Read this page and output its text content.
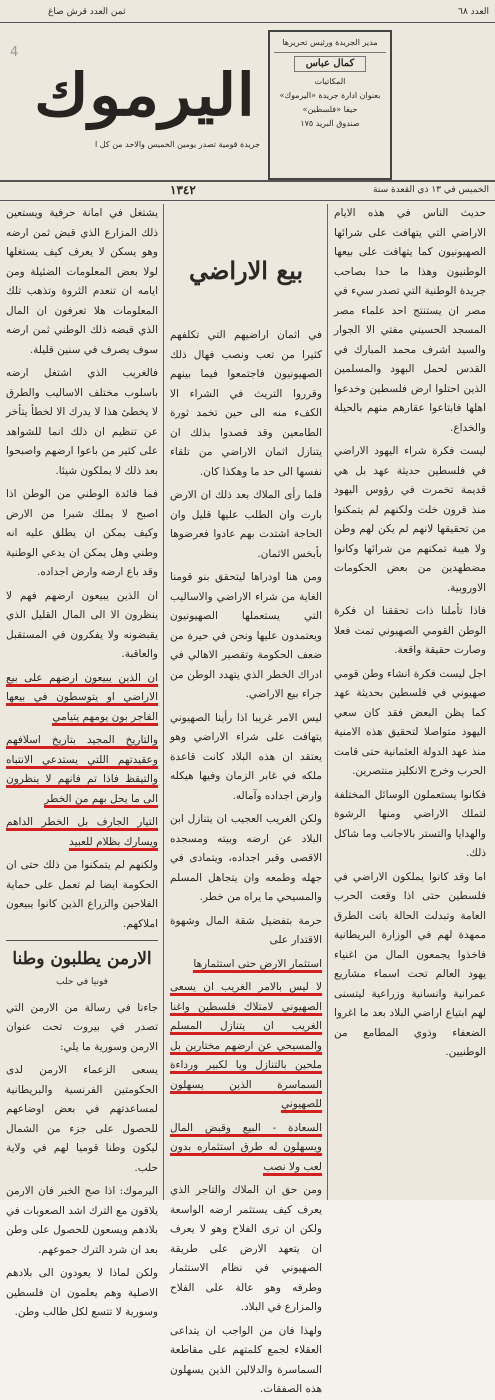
العدد ٦٨
ثمن العدد قرش صاغ
4
اليرموك
مدير الجريدة ورئيس تحريرها
كمال عباس
المكاتيات
بعنوان ادارة جريدة «اليرموك»
حيفا «فلسطين»
صندوق البريد ١٧٥
جريدة قومية تصدر يومين الخميس والاحد من كل ا
الخميس في ١٣ ذي القعدة سنة
١٣٤٢

حديث الناس في هذه الايام الاراضي التي يتهافت على شرائها الصهيونيون كما يتهافت على بيعها الوطنيون وهذا ما حدا بصاحب جريدة الوطنية التي تصدر سيء في مصر ان يستنتج احد علماء مصر المسجد الحسيني مفتي الا الجوار والسيد اشرف محمد المبارك في القدس لحمل البهود والمسلمين الذين احتلوا ارض فلسطين وخدعوا اهلها فابتاعوا عقارهم منهم بالحيلة والخداع.

ليست فكرة شراء اليهود الاراضي في فلسطين حديثة عهد بل هي قديمة تخمرت في رؤوس اليهود منذ قرون خلت ولكنهم لم يتمكنوا من تحقيقها لانهم لم يكن لهم وطن ولا هيبة تمكنهم من شرائها وكانوا مضطهدين من بعض الحكومات الاوروبية.

فاذا تأملنا ذات تحققنا ان فكرة الوطن القومي الصهيوني تمت فعلا وصارت حقيقة واقعة.

اجل ليست فكرة انشاء وطن قومي صهيوني في فلسطين بحديثة عهد كما يظن البعض فقد كان سعي اليهود متواصلا لتحقيق هذه الامنية منذ عهد الدولة العثمانية حتى قامت الحرب وخرج الانكليز منتصرين.

فكانوا يستعملون الوسائل المختلفة لتملك الاراضي ومنها الرشوة والهدايا والتستر بالاجانب وما شاكل ذلك.

اما وقد كانوا يملكون الاراضي في فلسطين حتى اذا وقعت الحرب العامة وتبدلت الحالة باتت الطرق ممهدة لهم في الوزارة البريطانية فاخذوا يجمعون المال من اغنياء يهود العالم تحت اسماء مشاريع عمرانية وانسانية وزراعية ليتسنى لهم ابتياع اراضي البلاد بعد ما اغروا الضعفاء وذوي المطامع من الوطنيين.

بيع الاراضي

في اثمان اراضيهم التي تكلفهم كثيرا من تعب ونصب فهال ذلك الصهيونيون فاجتمعوا فيما بينهم وقرروا التريث في الشراء الا الكفء منه الى حين تخمد ثورة الطامعين وقد قصدوا بذلك ان يتنازل اثمان الاراضي من تلقاء نفسها الى حد ما وهكذا كان.

فلما رأى الملاك بعد ذلك ان الارض بارت وان الطلب عليها قليل وان الحاجة اشتدت بهم عادوا فعرضوها بأبخس الاثمان.

ومن هنا اودراها ليتحقق بنو قومنا الغاية من شراء الاراضي والاساليب التي يستعملها الصهيونيون ويعتمدون عليها ونحن في حيرة من ضعف الحكومة وتقصير الاهالي في ادراك الخطر الذي يتهدد الوطن من جراء بيع الاراضي.

ليس الامر غريبا اذا رأينا الصهيوني يتهافت على شراء الاراضي وهو يعتقد ان هذه البلاد كانت قاعدة ملكه في غابر الزمان وفيها هيكله وارض اجداده وآماله.

ولكن الغريب العجيب ان يتنازل ابن البلاد عن ارضه وبيته ومسجده الاقصى وقبر اجداده، ويتمادى في جهله وطمعه وان يتجاهل المسلم والمسيحي ما يراه من خطر.

حرمة بتفضيل شقة المال وشهوة الاقتدار على

استثمار الارض حتى استثمارها

لا ليس بالامر الغريب ان يسعى الصهيوني لامتلاك فلسطين واغنا الغريب ان يتنازل المسلم والمسيحي عن ارضهم مختارين بل ملحين بالتنازل ويا لكبير ورداءة السماسرة الذين يسهلون للصهيوني

السعادة - البيع وقبض المال ويسهلون له طرق استثماره بدون لعب ولا نصب

ومن حق ان الملاك والتاجر الذي يعرف كيف يستثمر ارضه الواسعة ولكن ان ترى الفلاح وهو لا يعرف ان يتعهد الارض على طريقة الصهيوني في نظام الاستثمار وطرقه وهو عالة على الفلاح والمزارع في البلاد.

ولهذا فان من الواجب ان يتداعى العقلاء لجمع كلمتهم على مقاطعة السماسرة والدلالين الذين يسهلون هذه الصفقات.

يشتغل في امانة حرفية ويستعين ذلك المزارع الذي قبض ثمن ارضه وهو يسكن لا يعرف كيف يستغلها لولا بعض المعلومات الضئيلة ومن ايامه ان تنعدم الثروة وتذهب تلك المعلومات هلا تعرفون ان المال الذي قبضه ذلك الوطني ثمن ارضه سوف يصرف في سنين قليلة.

فالغريب الذي اشتغل ارضه باسلوب مختلف الاساليب والطرق لا يخطئ هذا لا يدرك الا لخطأ يتأخر عن تنظيم ان ذلك انما للشواهد على كثير من باعوا ارضهم واصبحوا بعد ذلك لا يملكون شيئا.

فما فائدة الوطني من الوطن اذا اصبح لا يملك شبرا من الارض وكيف يمكن ان يطلق عليه انه وطني وهل يمكن ان يدعي الوطنية وقد باع ارضه وارض اجداده.

ان الذين يبيعون ارضهم فهم لا ينظرون الا الى المال القليل الذي يقبضونه ولا يفكرون في المستقبل والعاقبة.

ان الذين يبيعون ارضهم على بيع الاراضي او يتوسطون في بيعها الفاجر بون يومهم يتيامي

والتاريخ المجيد بتاريخ اسلافهم وعقيدتهم اللتي يستدعي الانتباه والتيقظ فاذا تم فانهم لا ينظرون الى ما يحل بهم من الخطر

التيار الجارف بل الخطر الداهم ويسارك بظلام للعبيد

ولكنهم لم يتمكنوا من ذلك حتى ان الحكومة ايضا لم تعمل على حماية الفلاحين والزراع الذين كانوا يبيعون املاكهم.

الارمن يطلبون وطنا
فونيا في حلب

جاءنا في رسالة من الارمن التي تصدر في بيروت تحت عنوان الارمن وسورية ما يلي:

يسعى الزعماء الارمن لدى الحكومتين الفرنسية والبريطانية لمساعدتهم في بعض اوضاعهم للحصول على جزء من الشمال ليكون وطنا قوميا لهم في ولاية حلب.

اليرموك: اذا صح الخبر فان الارمن يلاقون مع الترك اشد الصعوبات في بلادهم ويسعون للحصول على وطن بعد ان شرد الترك جموعهم.

ولكن لماذا لا يعودون الى بلادهم الاصلية وهم يعلمون ان فلسطين وسورية لا تتسع لكل طالب وطن.
